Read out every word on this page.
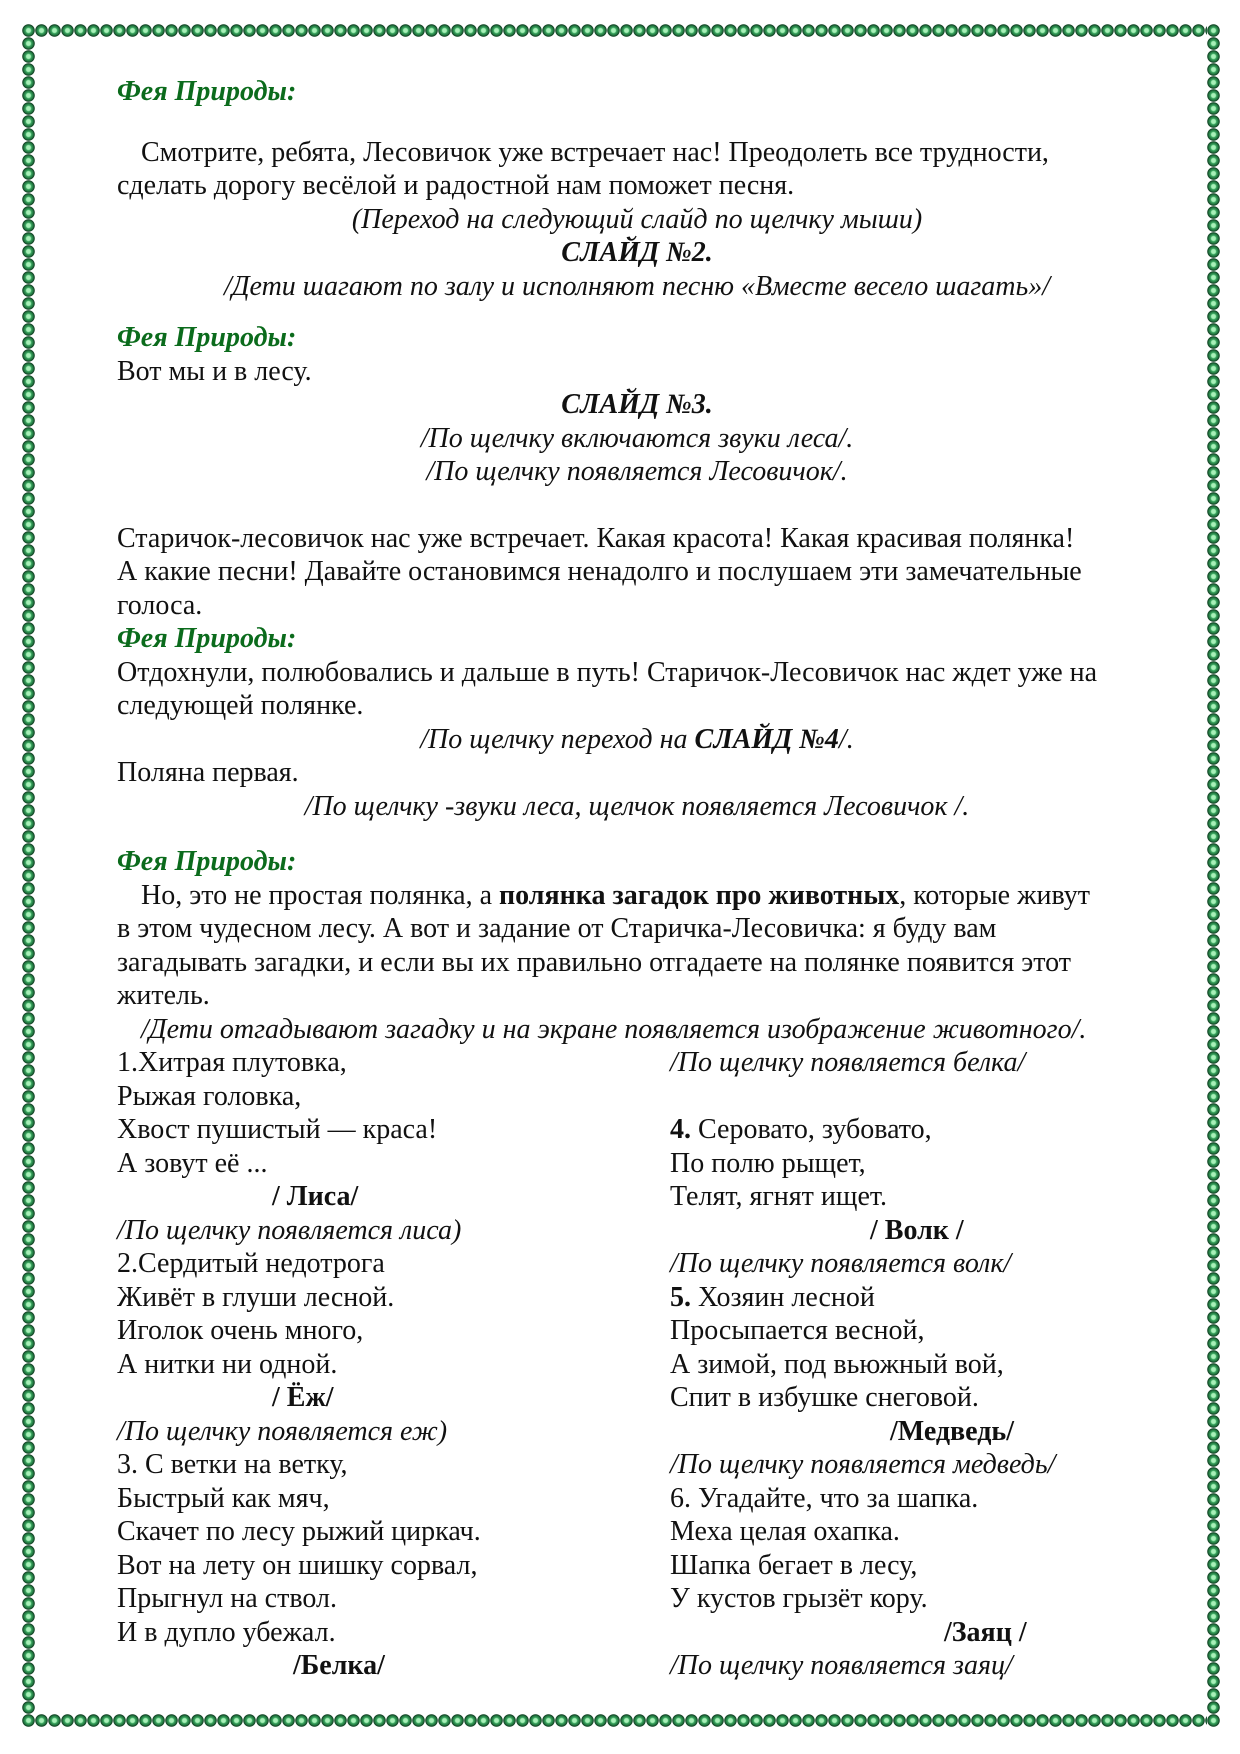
Фея Природы:
Смотрите, ребята, Лесовичок уже встречает нас! Преодолеть все трудности,
сделать дорогу весёлой и радостной нам поможет песня.
(Переход на следующий слайд по щелчку мыши)
СЛАЙД №2.
/Дети шагают по залу и исполняют песню «Вместе весело шагать»/
Фея Природы:
Вот мы и в лесу.
СЛАЙД №3.
/По щелчку включаются звуки леса/.
/По щелчку появляется Лесовичок/.
Старичок-лесовичок нас уже встречает. Какая красота! Какая красивая полянка!
А какие песни! Давайте остановимся ненадолго и послушаем эти замечательные
голоса.
Фея Природы:
Отдохнули, полюбовались и дальше в путь! Старичок-Лесовичок нас ждет уже на
следующей полянке.
/По щелчку переход на СЛАЙД №4/.
Поляна первая.
/По щелчку -звуки леса, щелчок появляется Лесовичок /.
Фея Природы:
Но, это не простая полянка, а полянка загадок про животных, которые живут
в этом чудесном лесу. А вот и задание от Старичка-Лесовичка: я буду вам
загадывать загадки, и если вы их правильно отгадаете на полянке появится этот
житель.
/Дети отгадывают загадку и на экране появляется изображение животного/.
1.Хитрая плутовка,
Рыжая головка,
Хвост пушистый — краса!
А зовут её ...
/ Лиса/
/По щелчку появляется лиса)
2.Сердитый недотрога
Живёт в глуши лесной.
Иголок очень много,
А нитки ни одной.
/ Ёж/
/По щелчку появляется еж)
3. С ветки на ветку,
Быстрый как мяч,
Скачет по лесу рыжий циркач.
Вот на лету он шишку сорвал,
Прыгнул на ствол.
И в дупло убежал.
/Белка/
/По щелчку появляется белка/
4. Серовато, зубовато,
По полю рыщет,
Телят, ягнят ищет.
/ Волк /
/По щелчку появляется волк/
5. Хозяин лесной
Просыпается весной,
А зимой, под вьюжный вой,
Спит в избушке снеговой.
/Медведь/
/По щелчку появляется медведь/
6. Угадайте, что за шапка.
Меха целая охапка.
Шапка бегает в лесу,
У кустов грызёт кору.
/Заяц /
/По щелчку появляется заяц/
